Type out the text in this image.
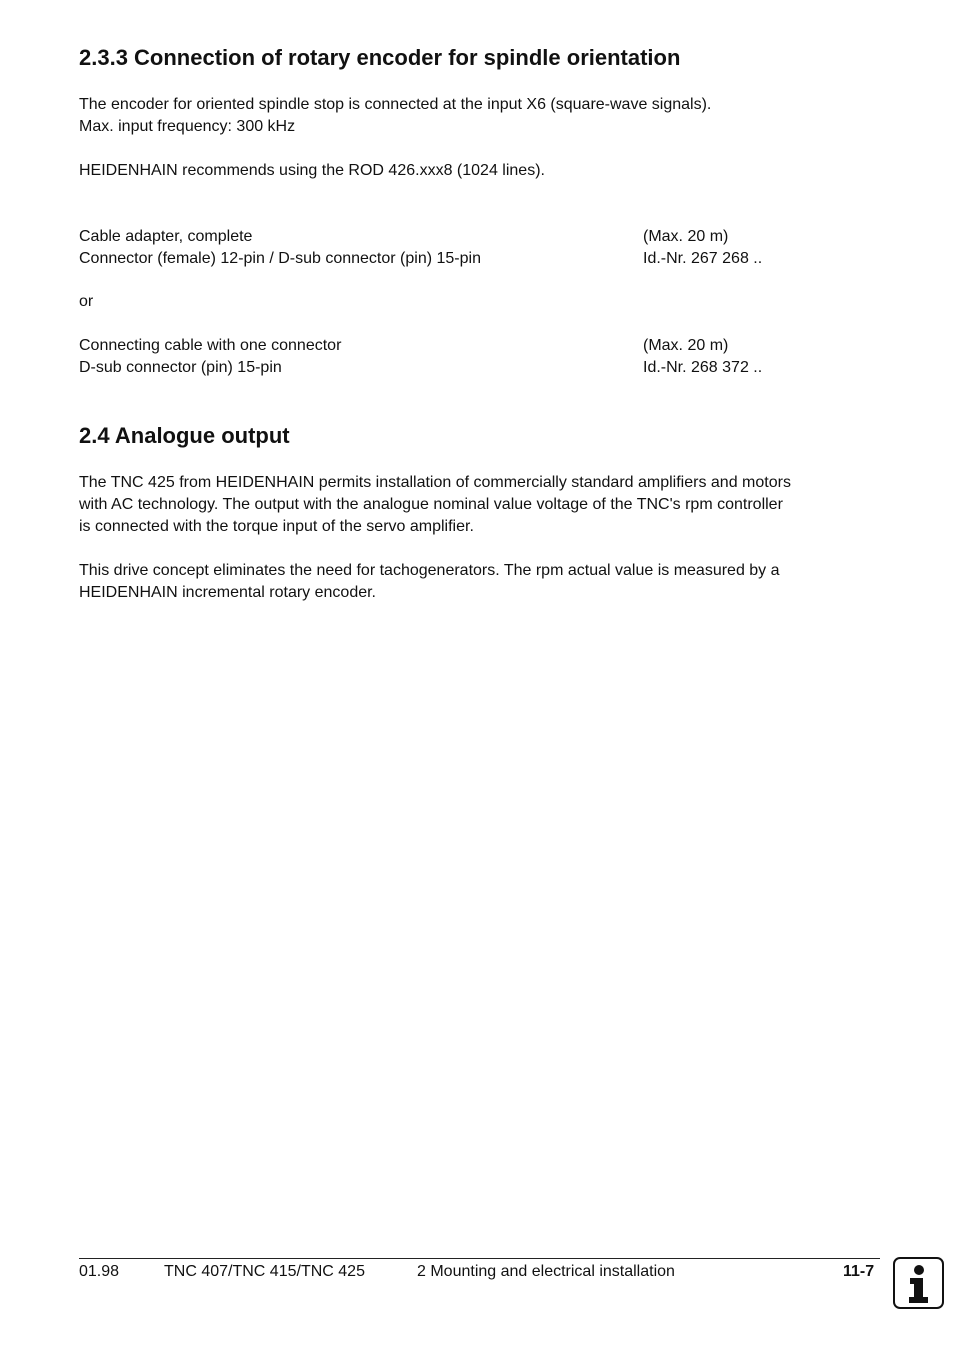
2.3.3 Connection of rotary encoder for spindle orientation

The encoder for oriented spindle stop is connected at the input X6 (square-wave signals).

Max. input frequency: 300 kHz

HEIDENHAIN recommends using the ROD 426.xxx8 (1024 lines).

Cable adapter, complete	(Max. 20 m)

Connector (female) 12-pin / D-sub connector (pin) 15-pin	Id.-Nr. 267 268 ..

or

Connecting cable with one connector	(Max. 20 m)

D-sub connector (pin) 15-pin	Id.-Nr. 268 372 ..

2.4 Analogue output

The TNC 425 from HEIDENHAIN permits installation of commercially standard amplifiers and motors

with AC technology. The output with the analogue nominal value voltage of the TNC's rpm controller

is connected with the torque input of the servo amplifier.

This drive concept eliminates the need for tachogenerators. The rpm actual value is measured by a

HEIDENHAIN incremental rotary encoder.

01.98	TNC 407/TNC 415/TNC 425	2 Mounting and electrical installation	11-7
